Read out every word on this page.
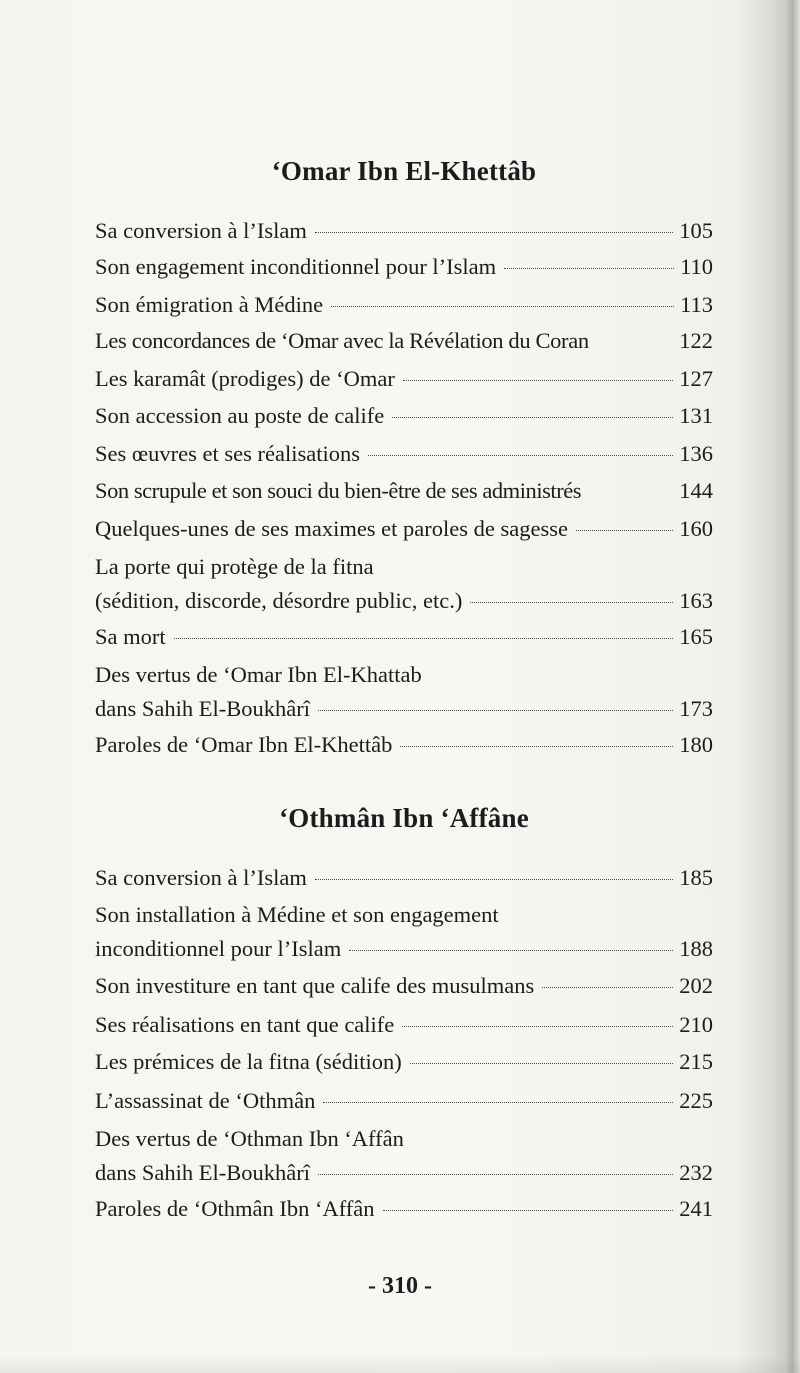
‘Omar Ibn El-Khettâb
Sa conversion à l’Islam	105
Son engagement inconditionnel pour l’Islam	110
Son émigration à Médine	113
Les concordances de ‘Omar avec la Révélation du Coran	122
Les karamât (prodiges) de ‘Omar	127
Son accession au poste de calife	131
Ses œuvres et ses réalisations	136
Son scrupule et son souci du bien-être de ses administrés	144
Quelques-unes de ses maximes et paroles de sagesse	160
La porte qui protège de la fitna
(sédition, discorde, désordre public, etc.)	163
Sa mort	165
Des vertus de ‘Omar Ibn El-Khattab
dans Sahih El-Boukhârî	173
Paroles de ‘Omar Ibn El-Khettâb	180
‘Othmân Ibn ‘Affâne
Sa conversion à l’Islam	185
Son installation à Médine et son engagement
inconditionnel pour l’Islam	188
Son investiture en tant que calife des musulmans	202
Ses réalisations en tant que calife	210
Les prémices de la fitna (sédition)	215
L’assassinat de ‘Othmân	225
Des vertus de ‘Othman Ibn ‘Affân
dans Sahih El-Boukhârî	232
Paroles de ‘Othmân Ibn ‘Affân	241
- 310 -
